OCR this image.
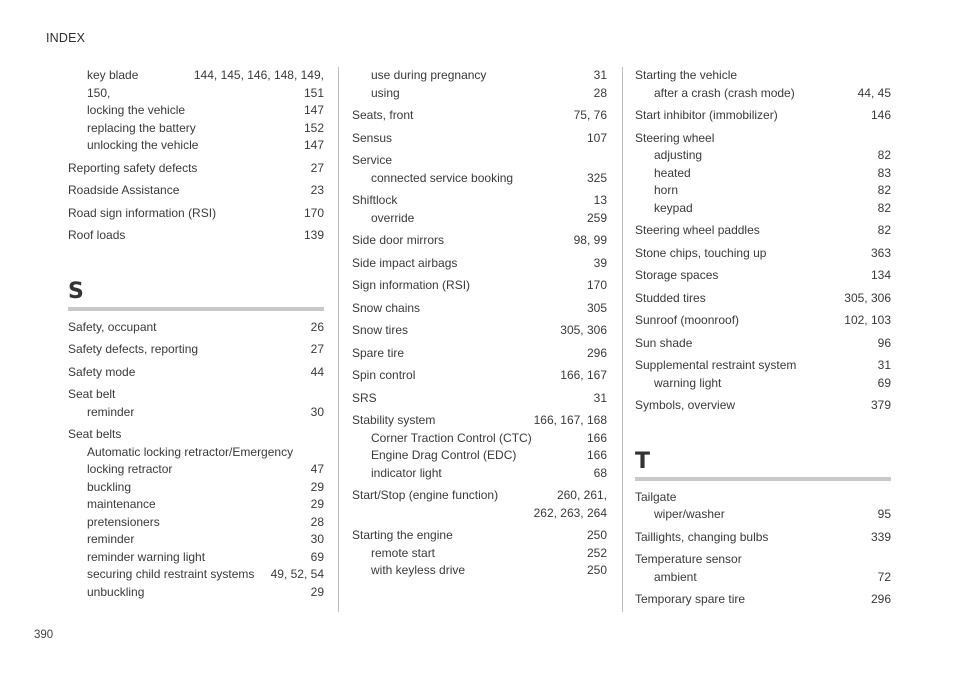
INDEX
390
key blade	144, 145, 146, 148, 149,
150,	151
locking the vehicle	147
replacing the battery	152
unlocking the vehicle	147
Reporting safety defects	27
Roadside Assistance	23
Road sign information (RSI)	170
Roof loads	139
S
Safety, occupant	26
Safety defects, reporting	27
Safety mode	44
Seat belt
reminder	30
Seat belts
Automatic locking retractor/Emergency
locking retractor	47
buckling	29
maintenance	29
pretensioners	28
reminder	30
reminder warning light	69
securing child restraint systems	49, 52, 54
unbuckling	29
use during pregnancy	31
using	28
Seats, front	75, 76
Sensus	107
Service
connected service booking	325
Shiftlock	13
override	259
Side door mirrors	98, 99
Side impact airbags	39
Sign information (RSI)	170
Snow chains	305
Snow tires	305, 306
Spare tire	296
Spin control	166, 167
SRS	31
Stability system	166, 167, 168
Corner Traction Control (CTC)	166
Engine Drag Control (EDC)	166
indicator light	68
Start/Stop (engine function)	260, 261,
262, 263, 264
Starting the engine	250
remote start	252
with keyless drive	250
Starting the vehicle
after a crash (crash mode)	44, 45
Start inhibitor (immobilizer)	146
Steering wheel
adjusting	82
heated	83
horn	82
keypad	82
Steering wheel paddles	82
Stone chips, touching up	363
Storage spaces	134
Studded tires	305, 306
Sunroof (moonroof)	102, 103
Sun shade	96
Supplemental restraint system	31
warning light	69
Symbols, overview	379
T
Tailgate
wiper/washer	95
Taillights, changing bulbs	339
Temperature sensor
ambient	72
Temporary spare tire	296
